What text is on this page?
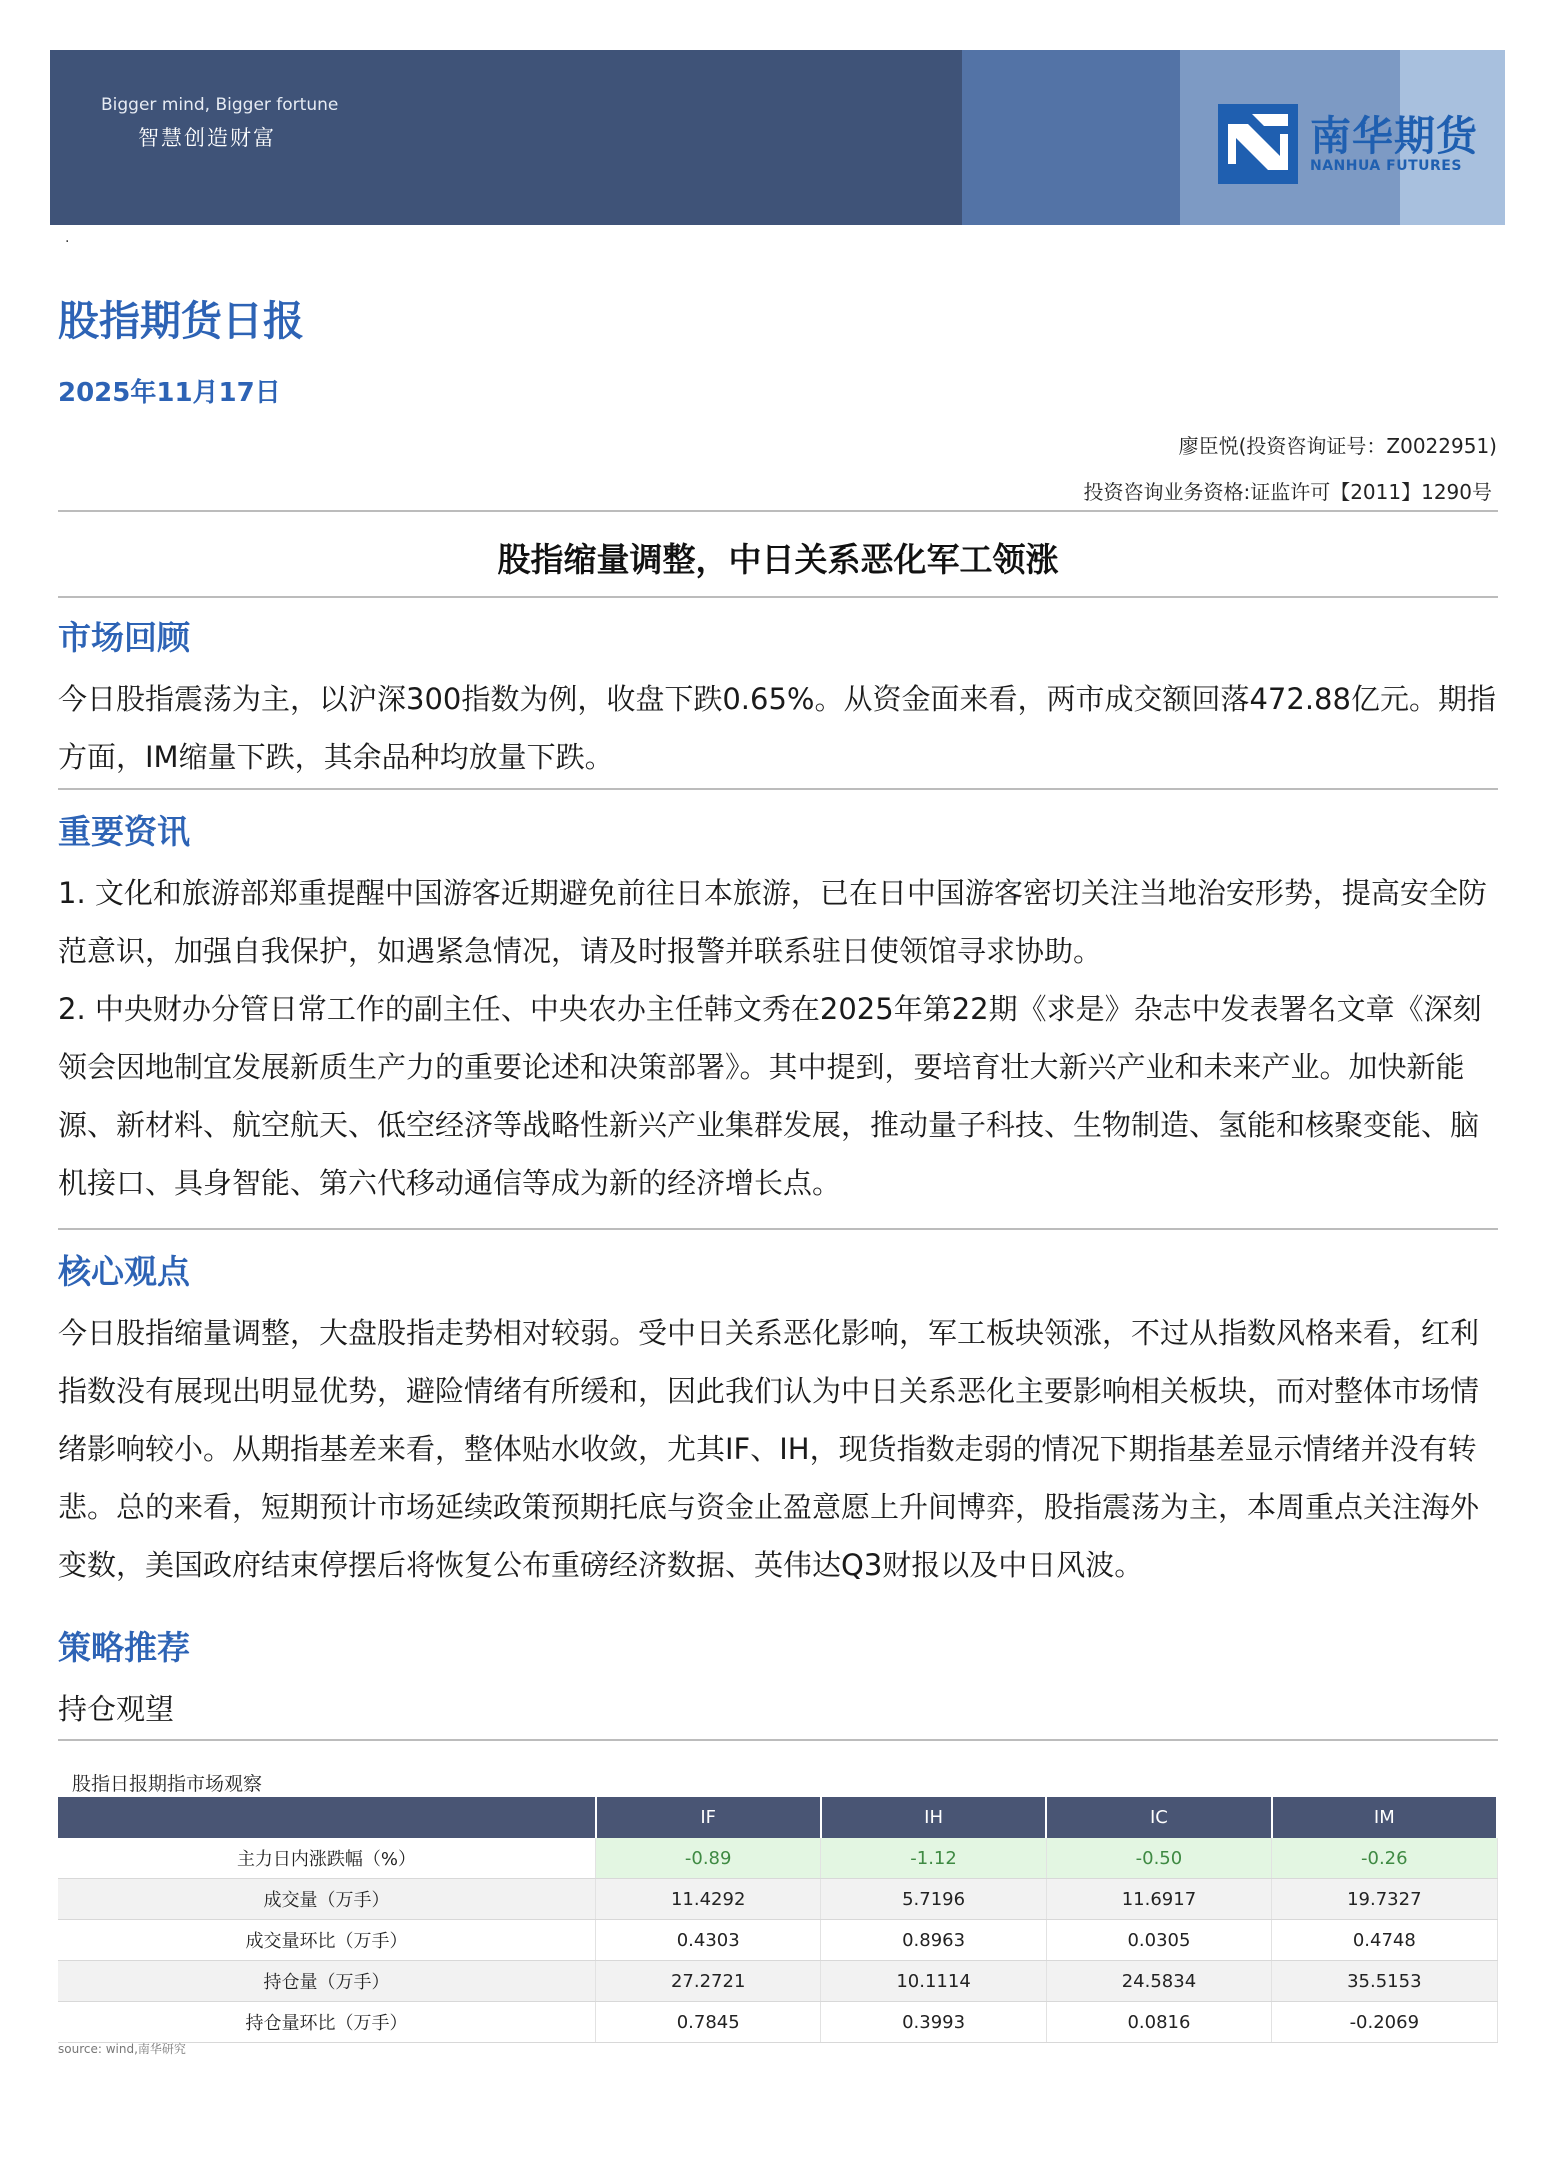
Bigger mind, Bigger fortune
智慧创造财富	南华期货
NANHUA FUTURES
.
股指期货日报
2025年11月17日
廖臣悦(投资咨询证号：Z0022951)
投资咨询业务资格:证监许可【2011】1290号
股指缩量调整，中日关系恶化军工领涨
市场回顾
今日股指震荡为主，以沪深300指数为例，收盘下跌0.65%。从资金面来看，两市成交额回落472.88亿元。期指方面，IM缩量下跌，其余品种均放量下跌。
重要资讯

1. 文化和旅游部郑重提醒中国游客近期避免前往日本旅游，已在日中国游客密切关注当地治安形势，提高安全防范意识，加强自我保护，如遇紧急情况，请及时报警并联系驻日使领馆寻求协助。

2. 中央财办分管日常工作的副主任、中央农办主任韩文秀在2025年第22期《求是》杂志中发表署名文章《深刻领会因地制宜发展新质生产力的重要论述和决策部署》。其中提到，要培育壮大新兴产业和未来产业。加快新能源、新材料、航空航天、低空经济等战略性新兴产业集群发展，推动量子科技、生物制造、氢能和核聚变能、脑机接口、具身智能、第六代移动通信等成为新的经济增长点。

核心观点
今日股指缩量调整，大盘股指走势相对较弱。受中日关系恶化影响，军工板块领涨，不过从指数风格来看，红利指数没有展现出明显优势，避险情绪有所缓和，因此我们认为中日关系恶化主要影响相关板块，而对整体市场情绪影响较小。从期指基差来看，整体贴水收敛，尤其IF、IH，现货指数走弱的情况下期指基差显示情绪并没有转悲。总的来看，短期预计市场延续政策预期托底与资金止盈意愿上升间博弈，股指震荡为主，本周重点关注海外变数，美国政府结束停摆后将恢复公布重磅经济数据、英伟达Q3财报以及中日风波。
策略推荐
持仓观望
股指日报期指市场观察
	IF	IH	IC	IM
主力日内涨跌幅（%）	-0.89	-1.12	-0.50	-0.26
成交量（万手）	11.4292	5.7196	11.6917	19.7327
成交量环比（万手）	0.4303	0.8963	0.0305	0.4748
持仓量（万手）	27.2721	10.1114	24.5834	35.5153
持仓量环比（万手）	0.7845	0.3993	0.0816	-0.2069
source: wind,南华研究
